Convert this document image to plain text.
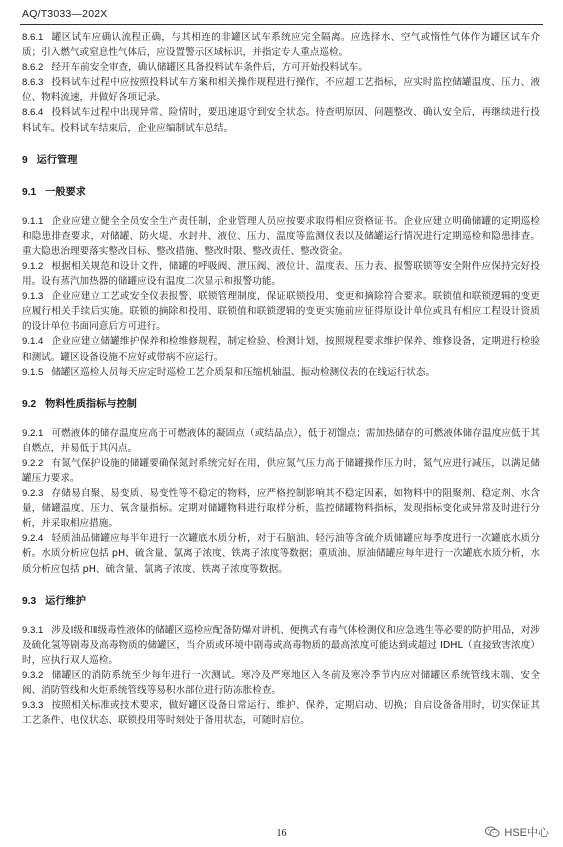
AQ/T3033—202X

8.6.1 罐区试车应确认流程正确，与其相连的非罐区试车系统应完全隔离。应选择水、空气或惰性气体作为罐区试车介质；引入燃气或窒息性气体后，应设置警示区域标识，并指定专人重点巡检。

8.6.2 经开车前安全审查，确认储罐区具备投料试车条件后，方可开始投料试车。

8.6.3 投料试车过程中应按照投料试车方案和相关操作规程进行操作，不应超工艺指标，应实时监控储罐温度、压力、液位、物料流速，并做好各项记录。

8.6.4 投料试车过程中出现异常、险情时，要迅速退守到安全状态。待查明原因、问题整改、确认安全后，再继续进行投料试车。投料试车结束后，企业应编制试车总结。

9 运行管理

9.1 一般要求

9.1.1 企业应建立健全全员安全生产责任制，企业管理人员应按要求取得相应资格证书。企业应建立明确储罐的定期巡检和隐患排查要求，对储罐、防火堤、水封井、液位、压力、温度等监测仪表以及储罐运行情况进行定期巡检和隐患排查。重大隐患治理要落实整改目标、整改措施、整改时限、整改责任、整改资金。

9.1.2 根据相关规范和设计文件，储罐的呼吸阀、泄压阀、液位计、温度表、压力表、报警联锁等安全附件应保持完好投用。设有蒸汽加热器的储罐应设有温度二次显示和报警功能。

9.1.3 企业应建立工艺或安全仪表报警、联锁管理制度，保证联锁投用、变更和摘除符合要求。联锁值和联锁逻辑的变更应履行相关手续后实施。联锁的摘除和投用、联锁值和联锁逻辑的变更实施前应征得原设计单位或具有相应工程设计资质的设计单位书面同意后方可进行。

9.1.4 企业应建立储罐维护保养和检维修规程，制定检验、检测计划，按照规程要求维护保养、维修设备，定期进行检验和测试。罐区设备设施不应好或带病不应运行。

9.1.5 储罐区巡检人员每天应定时巡检工艺介质泵和压缩机轴温、振动检测仪表的在线运行状态。

9.2 物料性质指标与控制

9.2.1 可燃液体的储存温度应高于可燃液体的凝固点（或结晶点），低于初馏点；需加热储存的可燃液体储存温度应低于其自燃点，并易低于其闪点。

9.2.2 有氮气保护设施的储罐要确保氮封系统完好在用，供应氮气压力高于储罐操作压力时，氮气应进行减压，以满足储罐压力要求。

9.2.3 存储易自聚、易变质、易变性等不稳定的物料，应严格控制影响其不稳定因素，如物料中的阻聚剂、稳定剂、水含量，储罐温度、压力、氧含量指标。定期对储罐物料进行取样分析，监控储罐物料指标，发现指标变化或异常及时进行分析，并采取相应措施。

9.2.4 轻质油品储罐应每半年进行一次罐底水质分析，对于石脑油、轻污油等含硫介质储罐应每季度进行一次罐底水质分析。水质分析应包括 pH、硫含量、氯离子浓度、铁离子浓度等数据；重质油、原油储罐应每年进行一次罐底水质分析，水质分析应包括 pH、硫含量、氯离子浓度、铁离子浓度等数据。

9.3 运行维护

9.3.1 涉及Ⅰ级和Ⅱ级毒性液体的储罐区巡检应配备防爆对讲机、便携式有毒气体检测仪和应急逃生等必要的防护用品，对涉及硫化氢等剧毒及高毒物质的储罐区，当介质或环境中剧毒或高毒物质的最高浓度可能达到或超过 IDHL（直接致害浓度）时，应执行双人巡检。

9.3.2 储罐区的消防系统至少每年进行一次测试。寒冷及严寒地区入冬前及寒冷季节内应对储罐区系统管线末端、安全阀、消防管线和火炬系统管线等易积水部位进行防冻胀检查。

9.3.3 按照相关标准或技术要求，做好罐区设备日常运行、维护、保养，定期启动、切换；自启设备备用时，切实保证其工艺条件、电仪状态、联锁投用等时刻处于备用状态，可随时启位。

16	HSE中心
